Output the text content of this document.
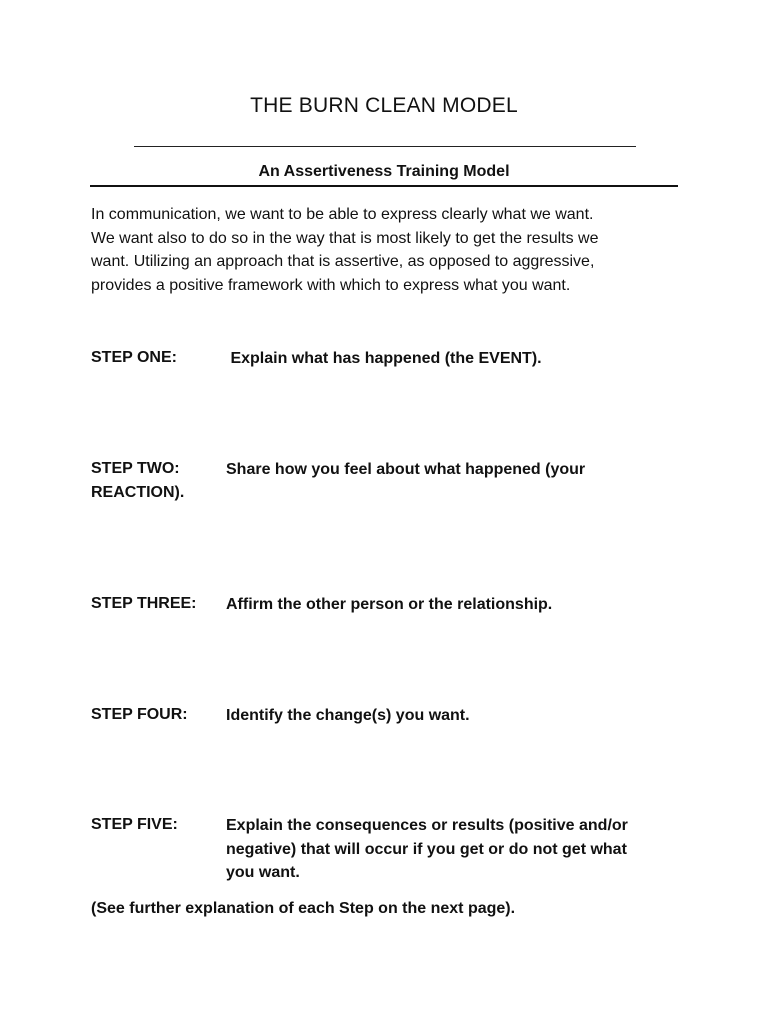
THE BURN CLEAN MODEL
An Assertiveness Training Model
In communication, we want to be able to express clearly what we want.
We want also to do so in the way that is most likely to get the results we
want. Utilizing an approach that is assertive, as opposed to aggressive,
provides a positive framework with which to express what you want.
STEP ONE:	Explain what has happened (the EVENT).
STEP TWO:	Share how you feel about what happened (your
REACTION).
STEP THREE: Affirm the other person or the relationship.
STEP FOUR: Identify the change(s) you want.
STEP FIVE:	Explain the consequences or results (positive and/or
negative) that will occur if you get or do not get what
you want.
(See further explanation of each Step on the next page).
